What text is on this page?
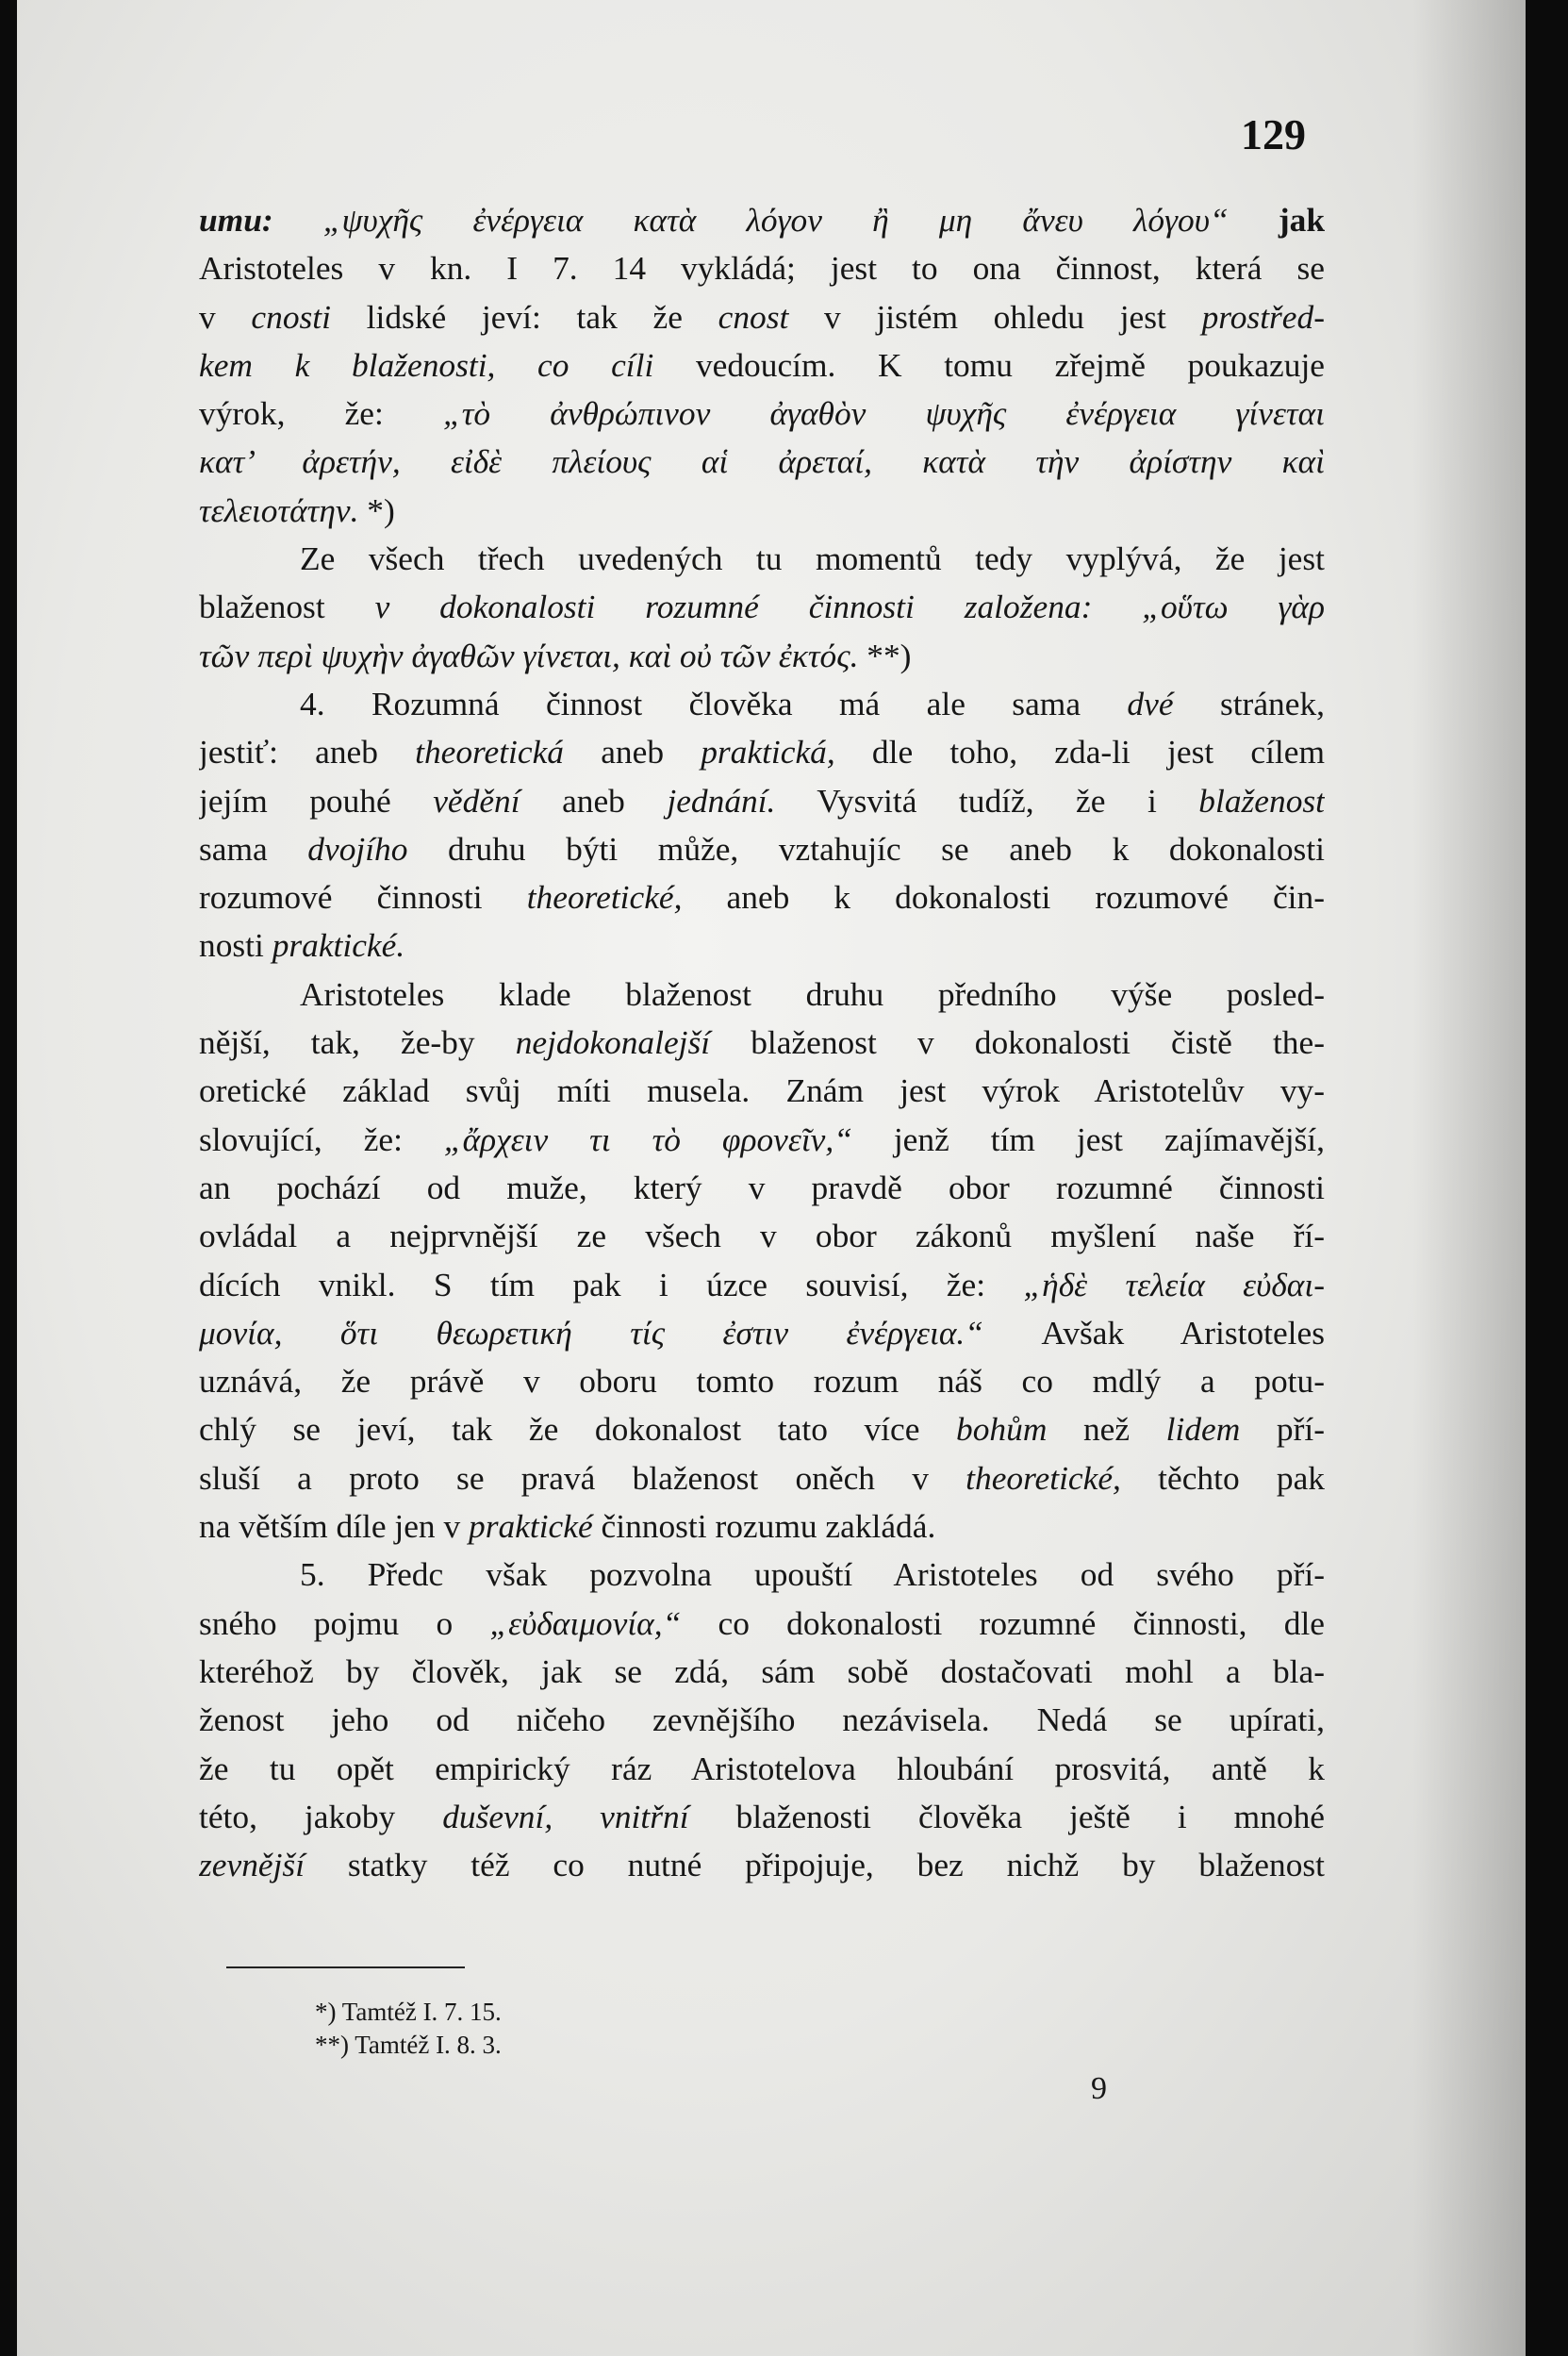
129
umu: „ψυχῆς ἐνέργεια κατὰ λόγον ἢ μη ἄνευ λόγου“ jak
Aristoteles v kn. I 7. 14 vykládá; jest to ona činnost, která se
v cnosti lidské jeví: tak že cnost v jistém ohledu jest prostřed-
kem k blaženosti, co cíli vedoucím. K tomu zřejmě poukazuje
výrok, že: „τὸ ἀνθρώπινον ἀγαθὸν ψυχῆς ἐνέργεια γίνεται
κατ’ ἀρετήν, εἰδὲ πλείους αἱ ἀρεταί, κατὰ τὴν ἀρίστην καὶ
τελειοτάτην. *)
Ze všech třech uvedených tu momentů tedy vyplývá, že jest
blaženost v dokonalosti rozumné činnosti založena: „οὕτω γὰρ
τῶν περὶ ψυχὴν ἀγαθῶν γίνεται, καὶ οὐ τῶν ἐκτός. **)
4. Rozumná činnost člověka má ale sama dvé stránek,
jestiť: aneb theoretická aneb praktická, dle toho, zda-li jest cílem
jejím pouhé vědění aneb jednání. Vysvitá tudíž, že i blaženost
sama dvojího druhu býti může, vztahujíc se aneb k dokonalosti
rozumové činnosti theoretické, aneb k dokonalosti rozumové čin-
nosti praktické.
Aristoteles klade blaženost druhu předního výše posled-
nější, tak, že-by nejdokonalejší blaženost v dokonalosti čistě the-
oretické základ svůj míti musela. Znám jest výrok Aristotelův vy-
slovující, že: „ἄρχειν τι τὸ φρονεῖν,“ jenž tím jest zajímavější,
an pochází od muže, který v pravdě obor rozumné činnosti
ovládal a nejprvnější ze všech v obor zákonů myšlení naše ří-
dících vnikl. S tím pak i úzce souvisí, že: „ἡδὲ τελεία εὐδαι-
μονία, ὅτι θεωρετική τίς ἐστιν ἐνέργεια.“ Avšak Aristoteles
uznává, že právě v oboru tomto rozum náš co mdlý a potu-
chlý se jeví, tak že dokonalost tato více bohům než lidem pří-
sluší a proto se pravá blaženost oněch v theoretické, těchto pak
na větším díle jen v praktické činnosti rozumu zakládá.
5. Předc však pozvolna upouští Aristoteles od svého pří-
sného pojmu o „εὐδαιμονία,“ co dokonalosti rozumné činnosti, dle
kteréhož by člověk, jak se zdá, sám sobě dostačovati mohl a bla-
ženost jeho od ničeho zevnějšího nezávisela. Nedá se upírati,
že tu opět empirický ráz Aristotelova hloubání prosvitá, antě k
této, jakoby duševní, vnitřní blaženosti člověka ještě i mnohé
zevnější statky též co nutné připojuje, bez nichž by blaženost
*) Tamtéž I. 7. 15.
**) Tamtéž I. 8. 3.
9
